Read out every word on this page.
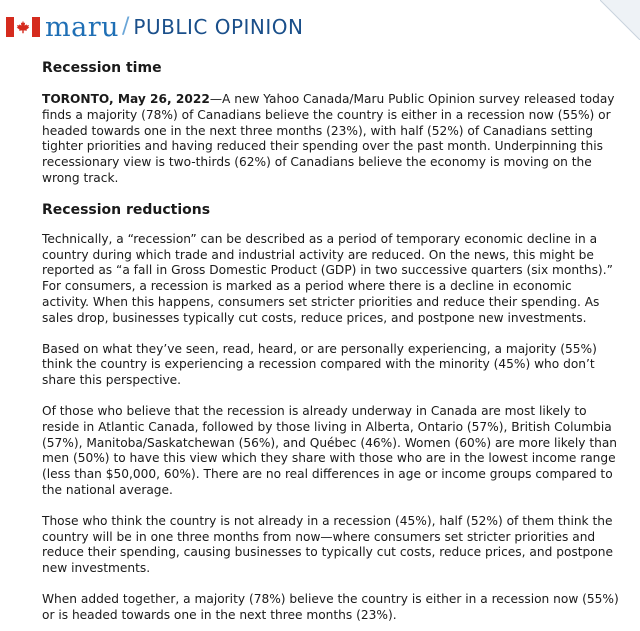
maru / PUBLIC OPINION
Recession time

TORONTO, May 26, 2022—A new Yahoo Canada/Maru Public Opinion survey released today finds a majority (78%) of Canadians believe the country is either in a recession now (55%) or headed towards one in the next three months (23%), with half (52%) of Canadians setting tighter priorities and having reduced their spending over the past month. Underpinning this recessionary view is two-thirds (62%) of Canadians believe the economy is moving on the wrong track.

Recession reductions

Technically, a “recession” can be described as a period of temporary economic decline in a country during which trade and industrial activity are reduced. On the news, this might be reported as “a fall in Gross Domestic Product (GDP) in two successive quarters (six months).” For consumers, a recession is marked as a period where there is a decline in economic activity. When this happens, consumers set stricter priorities and reduce their spending. As sales drop, businesses typically cut costs, reduce prices, and postpone new investments.

Based on what they’ve seen, read, heard, or are personally experiencing, a majority (55%) think the country is experiencing a recession compared with the minority (45%) who don’t share this perspective.

Of those who believe that the recession is already underway in Canada are most likely to reside in Atlantic Canada, followed by those living in Alberta, Ontario (57%), British Columbia (57%), Manitoba/Saskatchewan (56%), and Québec (46%). Women (60%) are more likely than men (50%) to have this view which they share with those who are in the lowest income range (less than $50,000, 60%). There are no real differences in age or income groups compared to the national average.

Those who think the country is not already in a recession (45%), half (52%) of them think the country will be in one three months from now—where consumers set stricter priorities and reduce their spending, causing businesses to typically cut costs, reduce prices, and postpone new investments.

When added together, a majority (78%) believe the country is either in a recession now (55%) or is headed towards one in the next three months (23%).
